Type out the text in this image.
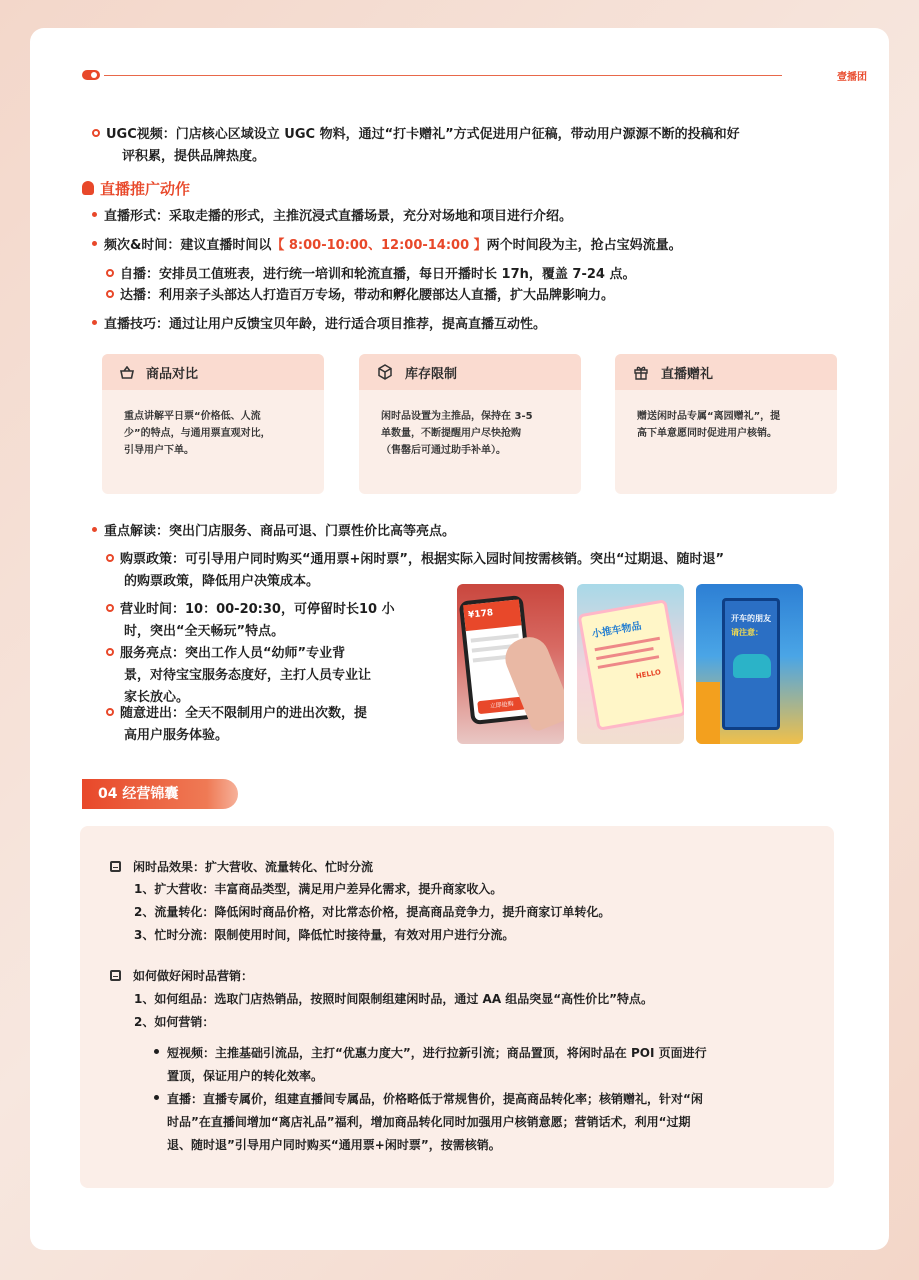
壹播团
UGC视频：门店核心区域设立 UGC 物料，通过“打卡赠礼”方式促进用户征稿，带动用户源源不断的投稿和好
评积累，提供品牌热度。
直播推广动作
直播形式：采取走播的形式，主推沉浸式直播场景，充分对场地和项目进行介绍。
频次&时间：建议直播时间以【 8:00-10:00、12:00-14:00 】两个时间段为主，抢占宝妈流量。
自播：安排员工值班表，进行统一培训和轮流直播，每日开播时长 17h，覆盖 7-24 点。
达播：利用亲子头部达人打造百万专场，带动和孵化腰部达人直播，扩大品牌影响力。
直播技巧：通过让用户反馈宝贝年龄，进行适合项目推荐，提高直播互动性。
商品对比
重点讲解平日票“价格低、人流
少”的特点，与通用票直观对比，
引导用户下单。
库存限制
闲时品设置为主推品，保持在 3-5
单数量，不断提醒用户尽快抢购
（售罄后可通过助手补单）。
直播赠礼
赠送闲时品专属“离园赠礼”，提
高下单意愿同时促进用户核销。
重点解读：突出门店服务、商品可退、门票性价比高等亮点。
购票政策：可引导用户同时购买“通用票+闲时票”，根据实际入园时间按需核销。突出“过期退、随时退”
的购票政策，降低用户决策成本。
营业时间：10：00-20:30，可停留时长10 小
时，突出“全天畅玩”特点。
服务亮点：突出工作人员“幼师”专业背
景，对待宝宝服务态度好，主打人员专业让
家长放心。
随意进出：全天不限制用户的进出次数，提
高用户服务体验。
¥178
立即抢购
小推车物品
HELLO
开车的朋友
请注意：
04 经营锦囊
闲时品效果：扩大营收、流量转化、忙时分流
1、扩大营收：丰富商品类型，满足用户差异化需求，提升商家收入。
2、流量转化：降低闲时商品价格，对比常态价格，提高商品竞争力，提升商家订单转化。
3、忙时分流：限制使用时间，降低忙时接待量，有效对用户进行分流。
如何做好闲时品营销：
1、如何组品：选取门店热销品，按照时间限制组建闲时品，通过 AA 组品突显“高性价比”特点。
2、如何营销：
短视频：主推基础引流品，主打“优惠力度大”，进行拉新引流；商品置顶，将闲时品在 POI 页面进行
置顶，保证用户的转化效率。
直播：直播专属价，组建直播间专属品，价格略低于常规售价，提高商品转化率；核销赠礼，针对“闲
时品”在直播间增加“离店礼品”福利，增加商品转化同时加强用户核销意愿；营销话术，利用“过期
退、随时退”引导用户同时购买“通用票+闲时票”，按需核销。
